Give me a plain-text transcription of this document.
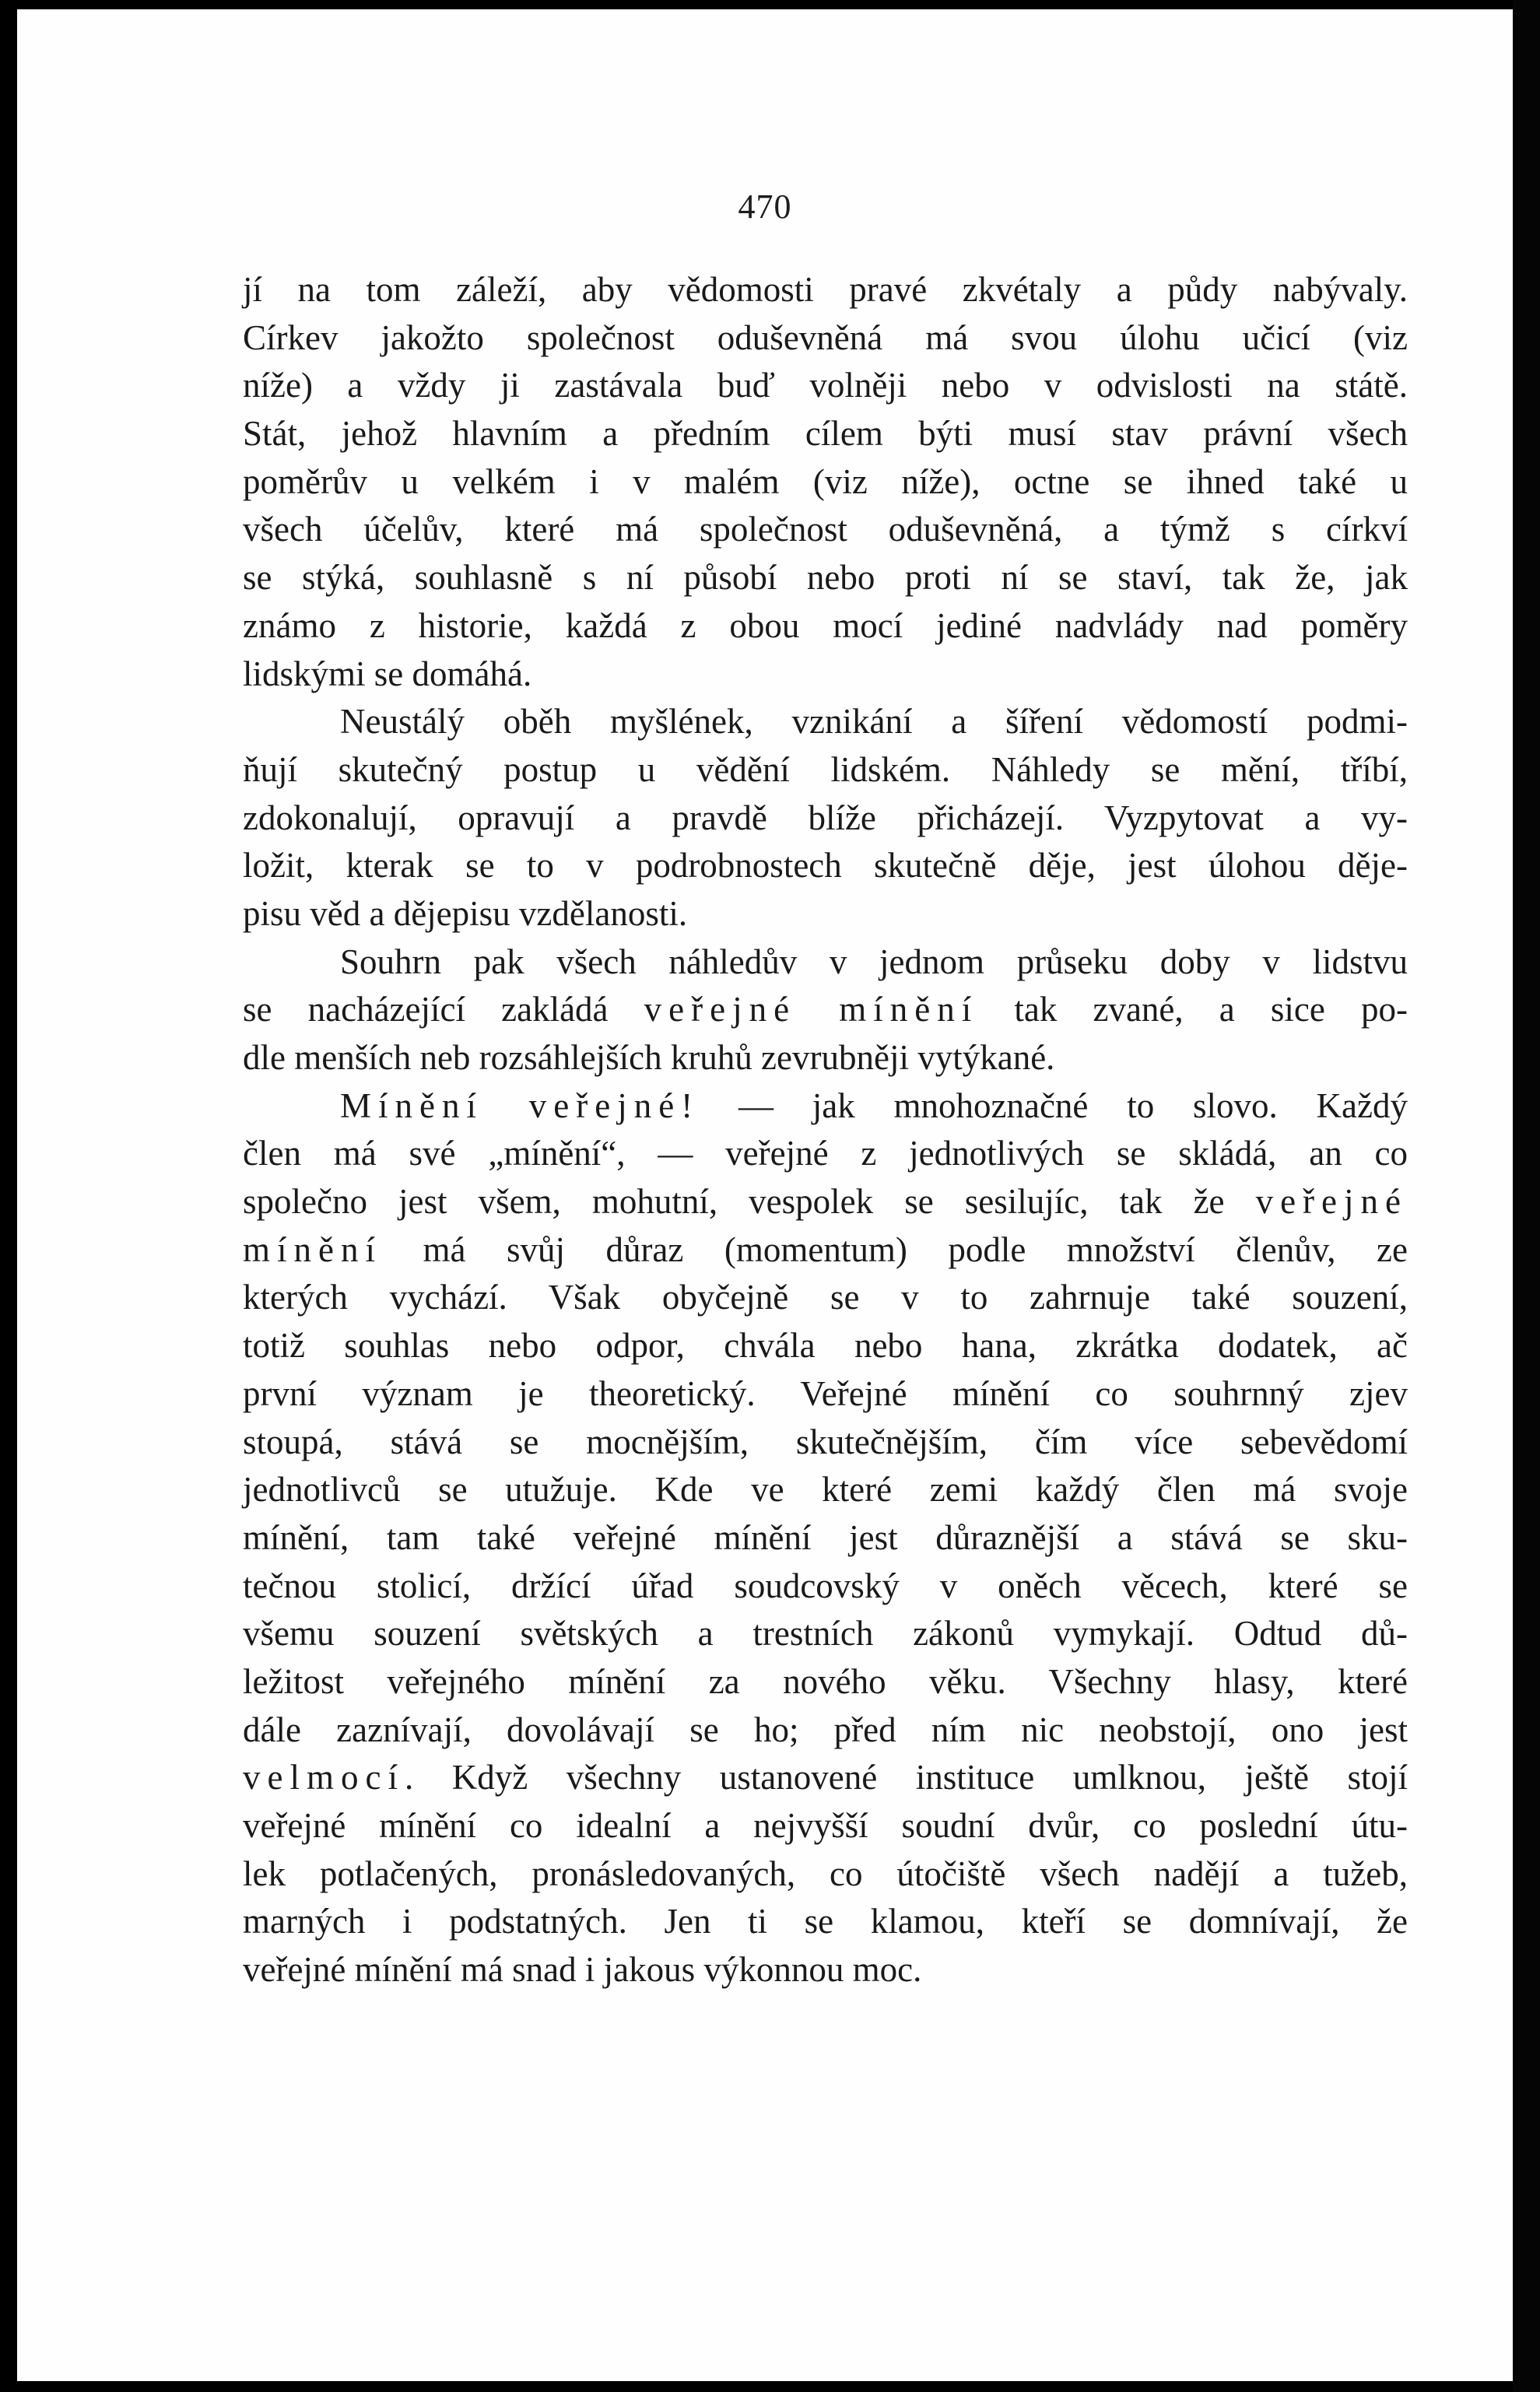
470
jí na tom záleží, aby vědomosti pravé zkvétaly a půdy nabývaly.
Církev jakožto společnost oduševněná má svou úlohu učicí (viz
níže) a vždy ji zastávala buď volněji nebo v odvislosti na státě.
Stát, jehož hlavním a předním cílem býti musí stav právní všech
poměrův u velkém i v malém (viz níže), octne se ihned také u
všech účelův, které má společnost oduševněná, a týmž s církví
se stýká, souhlasně s ní působí nebo proti ní se staví, tak že, jak
známo z historie, každá z obou mocí jediné nadvlády nad poměry
lidskými se domáhá.
Neustálý oběh myšlének, vznikání a šíření vědomostí podmi-
ňují skutečný postup u vědění lidském. Náhledy se mění, tříbí,
zdokonalují, opravují a pravdě blíže přicházejí. Vyzpytovat a vy-
ložit, kterak se to v podrobnostech skutečně děje, jest úlohou děje-
pisu věd a dějepisu vzdělanosti.
Souhrn pak všech náhledův v jednom průseku doby v lidstvu
se nacházející zakládá veřejné mínění tak zvané, a sice po-
dle menších neb rozsáhlejších kruhů zevrubněji vytýkané.
Mínění veřejné! — jak mnohoznačné to slovo. Každý
člen má své „mínění“, — veřejné z jednotlivých se skládá, an co
společno jest všem, mohutní, vespolek se sesilujíc, tak že veřejné
mínění má svůj důraz (momentum) podle množství členův, ze
kterých vychází. Však obyčejně se v to zahrnuje také souzení,
totiž souhlas nebo odpor, chvála nebo hana, zkrátka dodatek, ač
první význam je theoretický. Veřejné mínění co souhrnný zjev
stoupá, stává se mocnějším, skutečnějším, čím více sebevědomí
jednotlivců se utužuje. Kde ve které zemi každý člen má svoje
mínění, tam také veřejné mínění jest důraznější a stává se sku-
tečnou stolicí, držící úřad soudcovský v oněch věcech, které se
všemu souzení světských a trestních zákonů vymykají. Odtud dů-
ležitost veřejného mínění za nového věku. Všechny hlasy, které
dále zaznívají, dovolávají se ho; před ním nic neobstojí, ono jest
velmocí. Když všechny ustanovené instituce umlknou, ještě stojí
veřejné mínění co idealní a nejvyšší soudní dvůr, co poslední útu-
lek potlačených, pronásledovaných, co útočiště všech nadějí a tužeb,
marných i podstatných. Jen ti se klamou, kteří se domnívají, že
veřejné mínění má snad i jakous výkonnou moc.
